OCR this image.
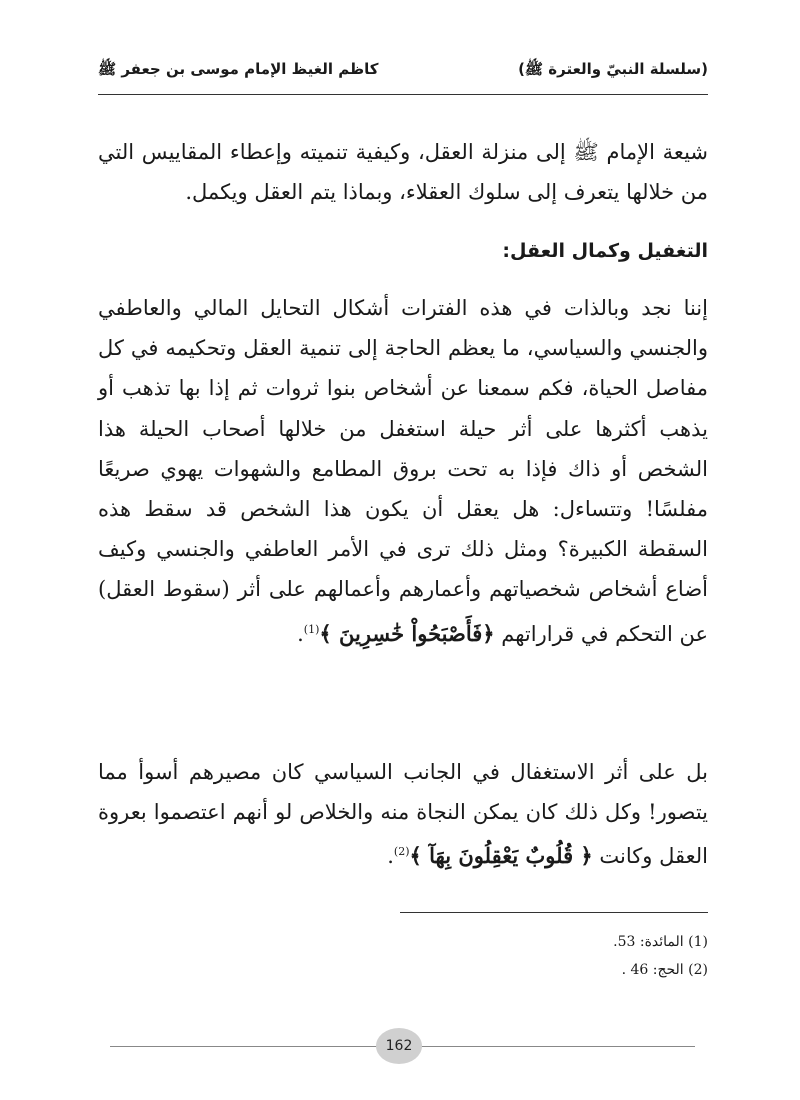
(سلسلة النبيّ والعترة ﷺ)
كاظم الغيظ الإمام موسى بن جعفر ﷺ
شيعة الإمام ﷺ إلى منزلة العقل، وكيفية تنميته وإعطاء المقاييس التي من خلالها يتعرف إلى سلوك العقلاء، وبماذا يتم العقل ويكمل.
التغفيل وكمال العقل:
إننا نجد وبالذات في هذه الفترات أشكال التحايل المالي والعاطفي والجنسي والسياسي، ما يعظم الحاجة إلى تنمية العقل وتحكيمه في كل مفاصل الحياة، فكم سمعنا عن أشخاص بنوا ثروات ثم إذا بها تذهب أو يذهب أكثرها على أثر حيلة استغفل من خلالها أصحاب الحيلة هذا الشخص أو ذاك فإذا به تحت بروق المطامع والشهوات يهوي صريعًا مفلسًا! وتتساءل: هل يعقل أن يكون هذا الشخص قد سقط هذه السقطة الكبيرة؟ ومثل ذلك ترى في الأمر العاطفي والجنسي وكيف أضاع أشخاص شخصياتهم وأعمارهم وأعمالهم على أثر (سقوط العقل) عن التحكم في قراراتهم ﴿فَأَصْبَحُواْ خَٰسِرِينَ ﴾$^{(1)}$.
بل على أثر الاستغفال في الجانب السياسي كان مصيرهم أسوأ مما يتصور! وكل ذلك كان يمكن النجاة منه والخلاص لو أنهم اعتصموا بعروة العقل وكانت ﴿ قُلُوبٌ يَعْقِلُونَ بِهَآ ﴾$^{(2)}$.
(1) المائدة: 53.
(2) الحج: 46 .
162
